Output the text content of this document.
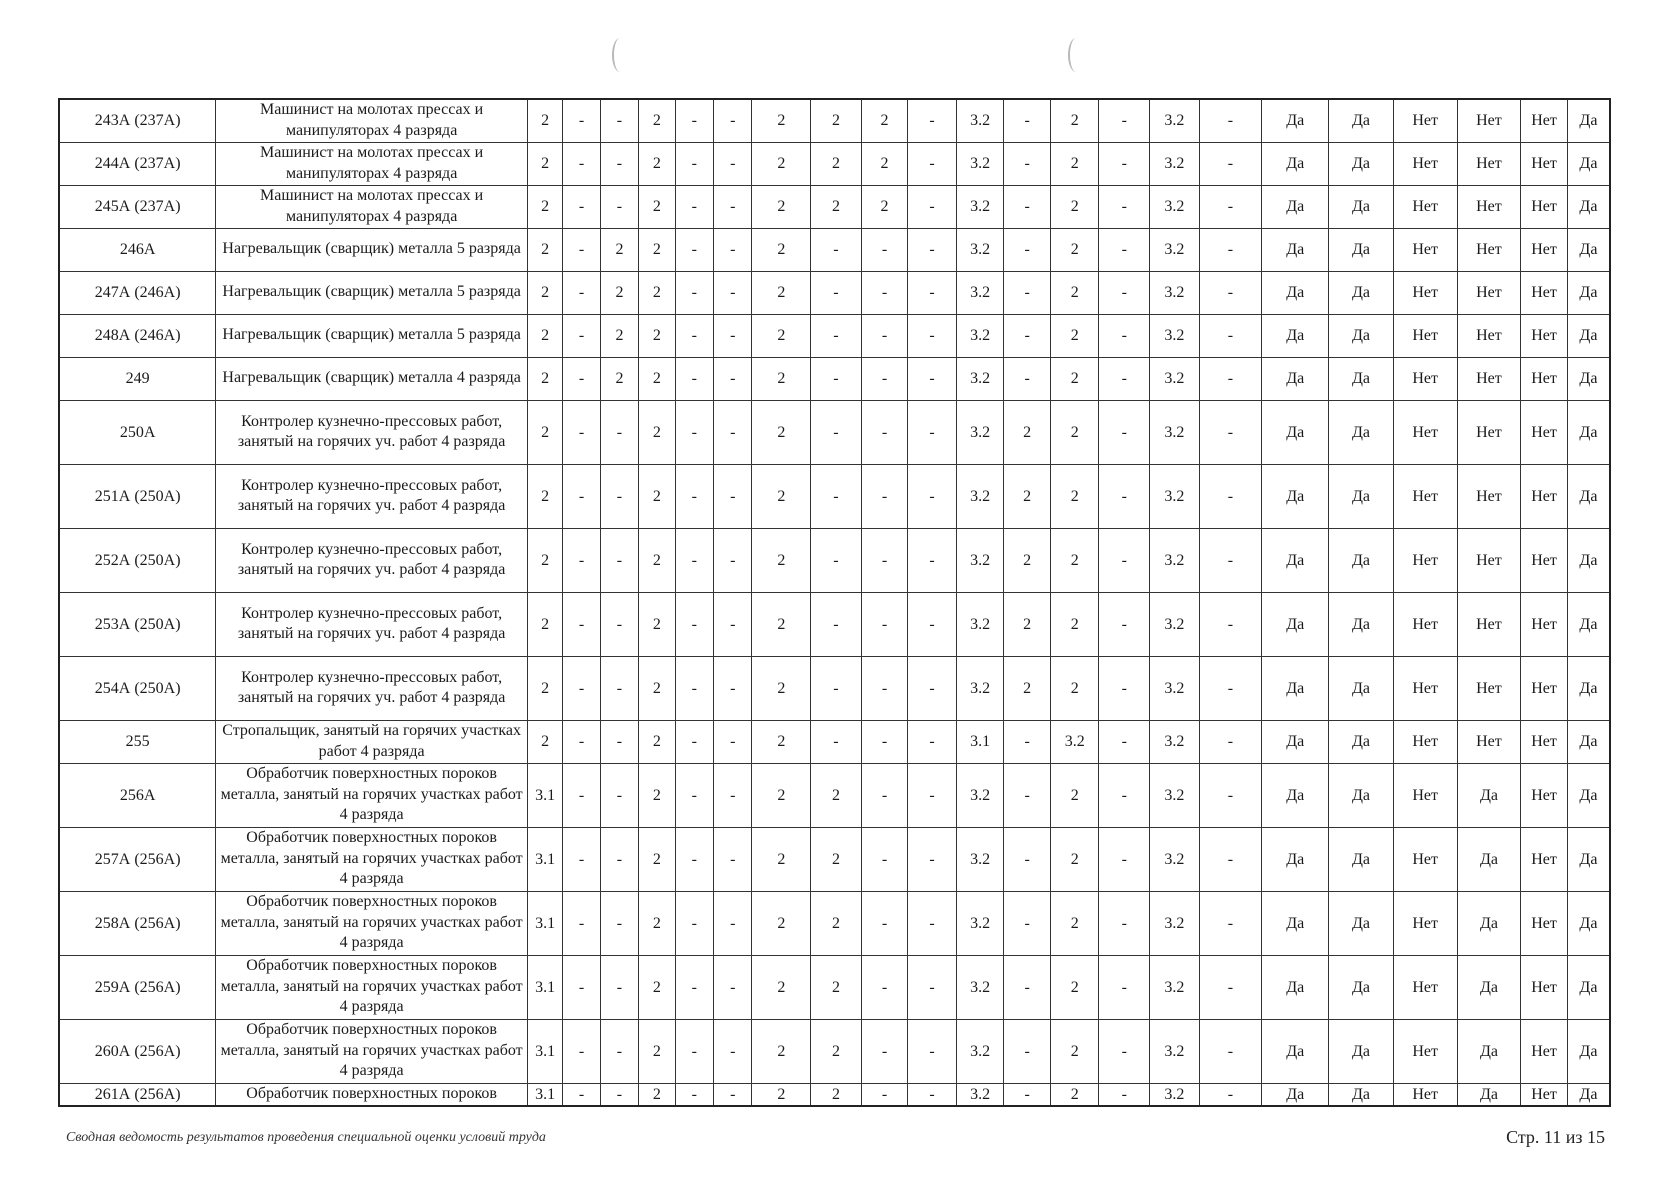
243А (237А)	Машинист на молотах прессах и манипуляторах 4 разряда	2	-	-	2	-	-	2	2	2	-	3.2	-	2	-	3.2	-	Да	Да	Нет	Нет	Нет	Да
244А (237А)	Машинист на молотах прессах и манипуляторах 4 разряда	2	-	-	2	-	-	2	2	2	-	3.2	-	2	-	3.2	-	Да	Да	Нет	Нет	Нет	Да
245А (237А)	Машинист на молотах прессах и манипуляторах 4 разряда	2	-	-	2	-	-	2	2	2	-	3.2	-	2	-	3.2	-	Да	Да	Нет	Нет	Нет	Да
246А	Нагревальщик (сварщик) металла 5 разряда	2	-	2	2	-	-	2	-	-	-	3.2	-	2	-	3.2	-	Да	Да	Нет	Нет	Нет	Да
247А (246А)	Нагревальщик (сварщик) металла 5 разряда	2	-	2	2	-	-	2	-	-	-	3.2	-	2	-	3.2	-	Да	Да	Нет	Нет	Нет	Да
248А (246А)	Нагревальщик (сварщик) металла 5 разряда	2	-	2	2	-	-	2	-	-	-	3.2	-	2	-	3.2	-	Да	Да	Нет	Нет	Нет	Да
249	Нагревальщик (сварщик) металла 4 разряда	2	-	2	2	-	-	2	-	-	-	3.2	-	2	-	3.2	-	Да	Да	Нет	Нет	Нет	Да
250А	Контролер кузнечно-прессовых работ, занятый на горячих уч. работ 4 разряда	2	-	-	2	-	-	2	-	-	-	3.2	2	2	-	3.2	-	Да	Да	Нет	Нет	Нет	Да
251А (250А)	Контролер кузнечно-прессовых работ, занятый на горячих уч. работ 4 разряда	2	-	-	2	-	-	2	-	-	-	3.2	2	2	-	3.2	-	Да	Да	Нет	Нет	Нет	Да
252А (250А)	Контролер кузнечно-прессовых работ, занятый на горячих уч. работ 4 разряда	2	-	-	2	-	-	2	-	-	-	3.2	2	2	-	3.2	-	Да	Да	Нет	Нет	Нет	Да
253А (250А)	Контролер кузнечно-прессовых работ, занятый на горячих уч. работ 4 разряда	2	-	-	2	-	-	2	-	-	-	3.2	2	2	-	3.2	-	Да	Да	Нет	Нет	Нет	Да
254А (250А)	Контролер кузнечно-прессовых работ, занятый на горячих уч. работ 4 разряда	2	-	-	2	-	-	2	-	-	-	3.2	2	2	-	3.2	-	Да	Да	Нет	Нет	Нет	Да
255	Стропальщик, занятый на горячих участках работ 4 разряда	2	-	-	2	-	-	2	-	-	-	3.1	-	3.2	-	3.2	-	Да	Да	Нет	Нет	Нет	Да
256А	Обработчик поверхностных пороков металла, занятый на горячих участках работ 4 разряда	3.1	-	-	2	-	-	2	2	-	-	3.2	-	2	-	3.2	-	Да	Да	Нет	Да	Нет	Да
257А (256А)	Обработчик поверхностных пороков металла, занятый на горячих участках работ 4 разряда	3.1	-	-	2	-	-	2	2	-	-	3.2	-	2	-	3.2	-	Да	Да	Нет	Да	Нет	Да
258А (256А)	Обработчик поверхностных пороков металла, занятый на горячих участках работ 4 разряда	3.1	-	-	2	-	-	2	2	-	-	3.2	-	2	-	3.2	-	Да	Да	Нет	Да	Нет	Да
259А (256А)	Обработчик поверхностных пороков металла, занятый на горячих участках работ 4 разряда	3.1	-	-	2	-	-	2	2	-	-	3.2	-	2	-	3.2	-	Да	Да	Нет	Да	Нет	Да
260А (256А)	Обработчик поверхностных пороков металла, занятый на горячих участках работ 4 разряда	3.1	-	-	2	-	-	2	2	-	-	3.2	-	2	-	3.2	-	Да	Да	Нет	Да	Нет	Да
261А (256А)	Обработчик поверхностных пороков	3.1	-	-	2	-	-	2	2	-	-	3.2	-	2	-	3.2	-	Да	Да	Нет	Да	Нет	Да
Сводная ведомость результатов проведения специальной оценки условий труда	Стр. 11 из 15
